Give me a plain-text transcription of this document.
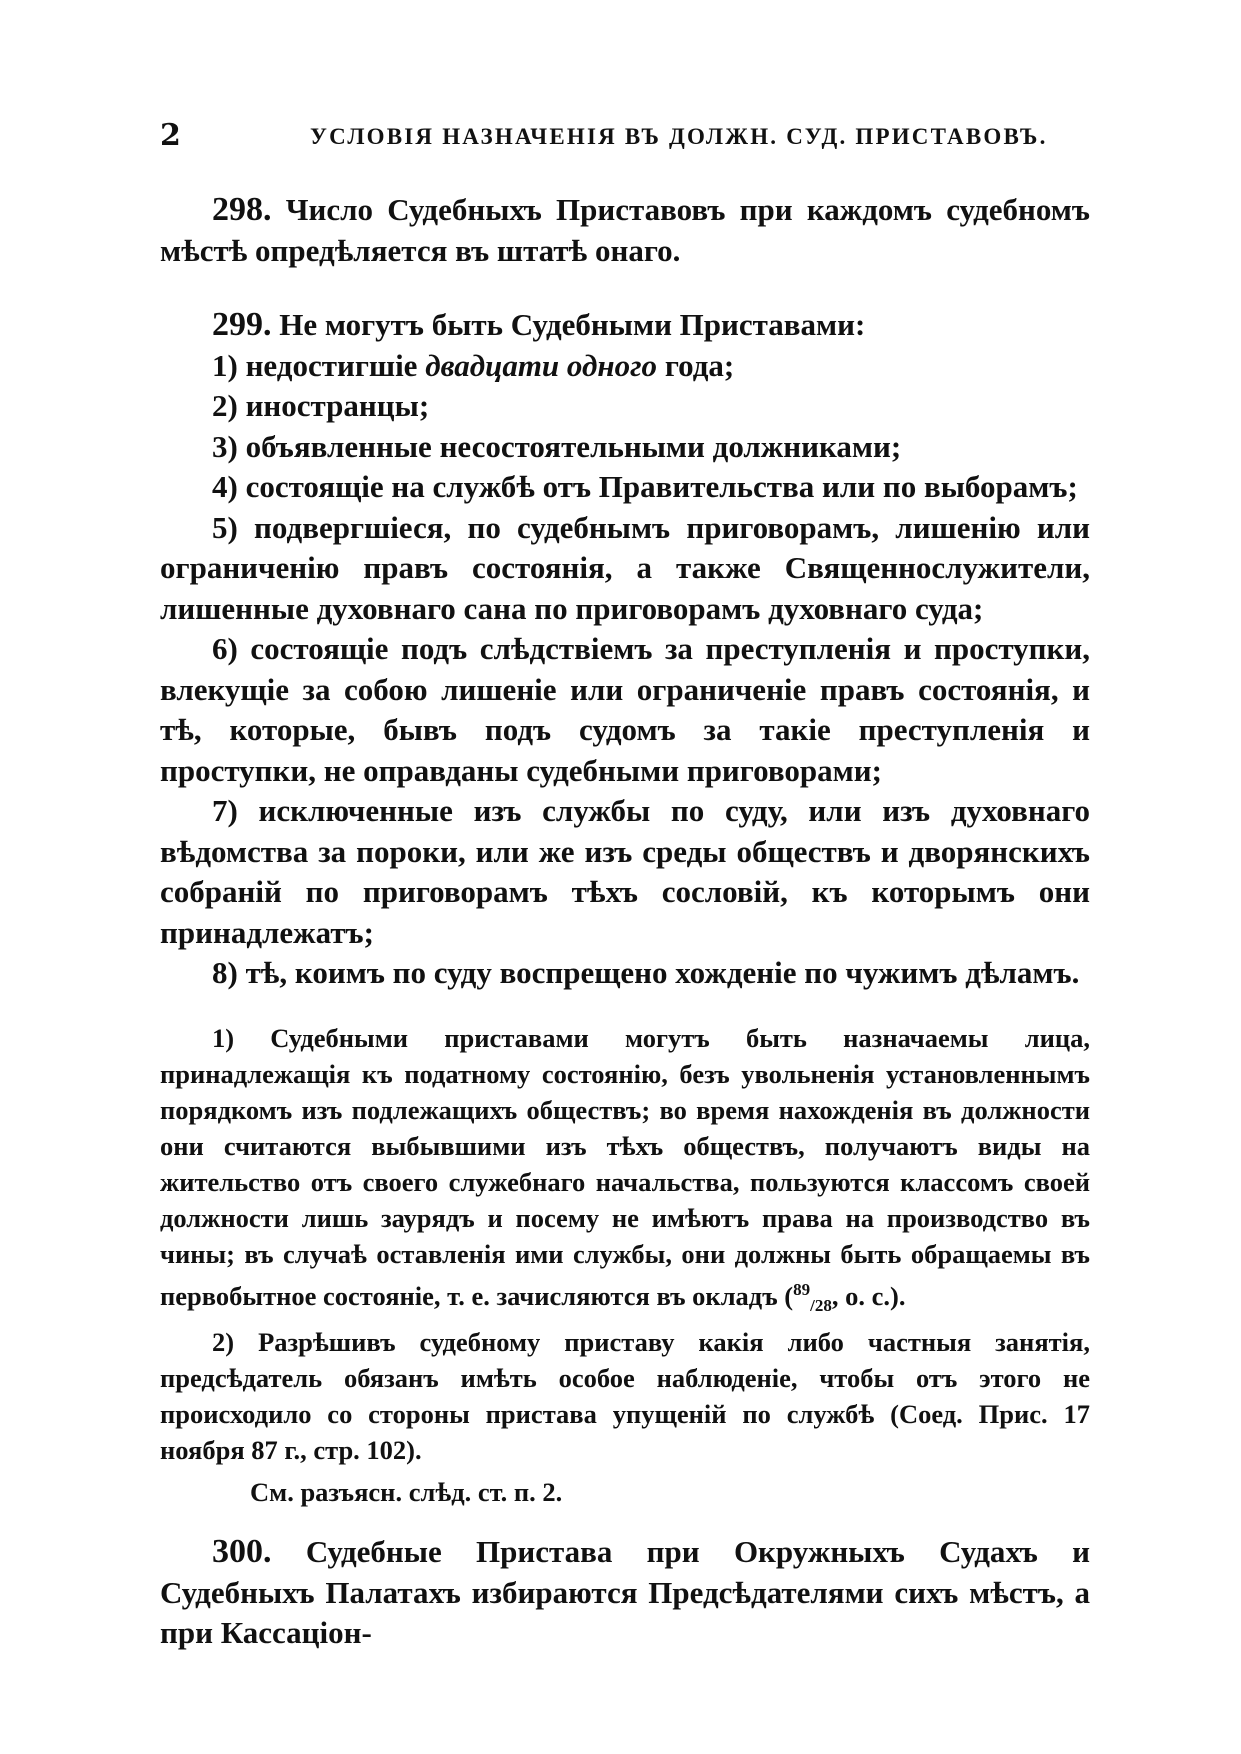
2	УСЛОВІЯ НАЗНАЧЕНІЯ ВЪ ДОЛЖН. СУД. ПРИСТАВОВЪ.

298. Число Судебныхъ Приставовъ при каждомъ судебномъ мѣстѣ опредѣляется въ штатѣ онаго.

299. Не могутъ быть Судебными Приставами:

1) недостигшіе двадцати одного года;

2) иностранцы;

3) объявленные несостоятельными должниками;

4) состоящіе на службѣ отъ Правительства или по выборамъ;

5) подвергшіеся, по судебнымъ приговорамъ, лишенію или ограниченію правъ состоянія, а также Священнослужители, лишенные духовнаго сана по приговорамъ духовнаго суда;

6) состоящіе подъ слѣдствіемъ за преступленія и проступки, влекущіе за собою лишеніе или ограниченіе правъ состоянія, и тѣ, которые, бывъ подъ судомъ за такіе преступленія и проступки, не оправданы судебными приговорами;

7) исключенные изъ службы по суду, или изъ духовнаго вѣдомства за пороки, или же изъ среды обществъ и дворянскихъ собраній по приговорамъ тѣхъ сословій, къ которымъ они принадлежатъ;

8) тѣ, коимъ по суду воспрещено хожденіе по чужимъ дѣламъ.

1) Судебными приставами могутъ быть назначаемы лица, принадлежащія къ податному состоянію, безъ увольненія установленнымъ порядкомъ изъ подлежащихъ обществъ; во время нахожденія въ должности они считаются выбывшими изъ тѣхъ обществъ, получаютъ виды на жительство отъ своего служебнаго начальства, пользуются классомъ своей должности лишь заурядъ и посему не имѣютъ права на производство въ чины; въ случаѣ оставленія ими службы, они должны быть обращаемы въ первобытное состояніе, т. е. зачисляются въ окладъ ($^{89}_{/28}$, о. с.).

2) Разрѣшивъ судебному приставу какія либо частныя занятія, предсѣдатель обязанъ имѣть особое наблюденіе, чтобы отъ этого не происходило со стороны пристава упущеній по службѣ (Соед. Прис. 17 ноября 87 г., стр. 102).

См. разъясн. слѣд. ст. п. 2.

300. Судебные Пристава при Окружныхъ Судахъ и Судебныхъ Палатахъ избираются Предсѣдателями сихъ мѣстъ, а при Кассаціон-
